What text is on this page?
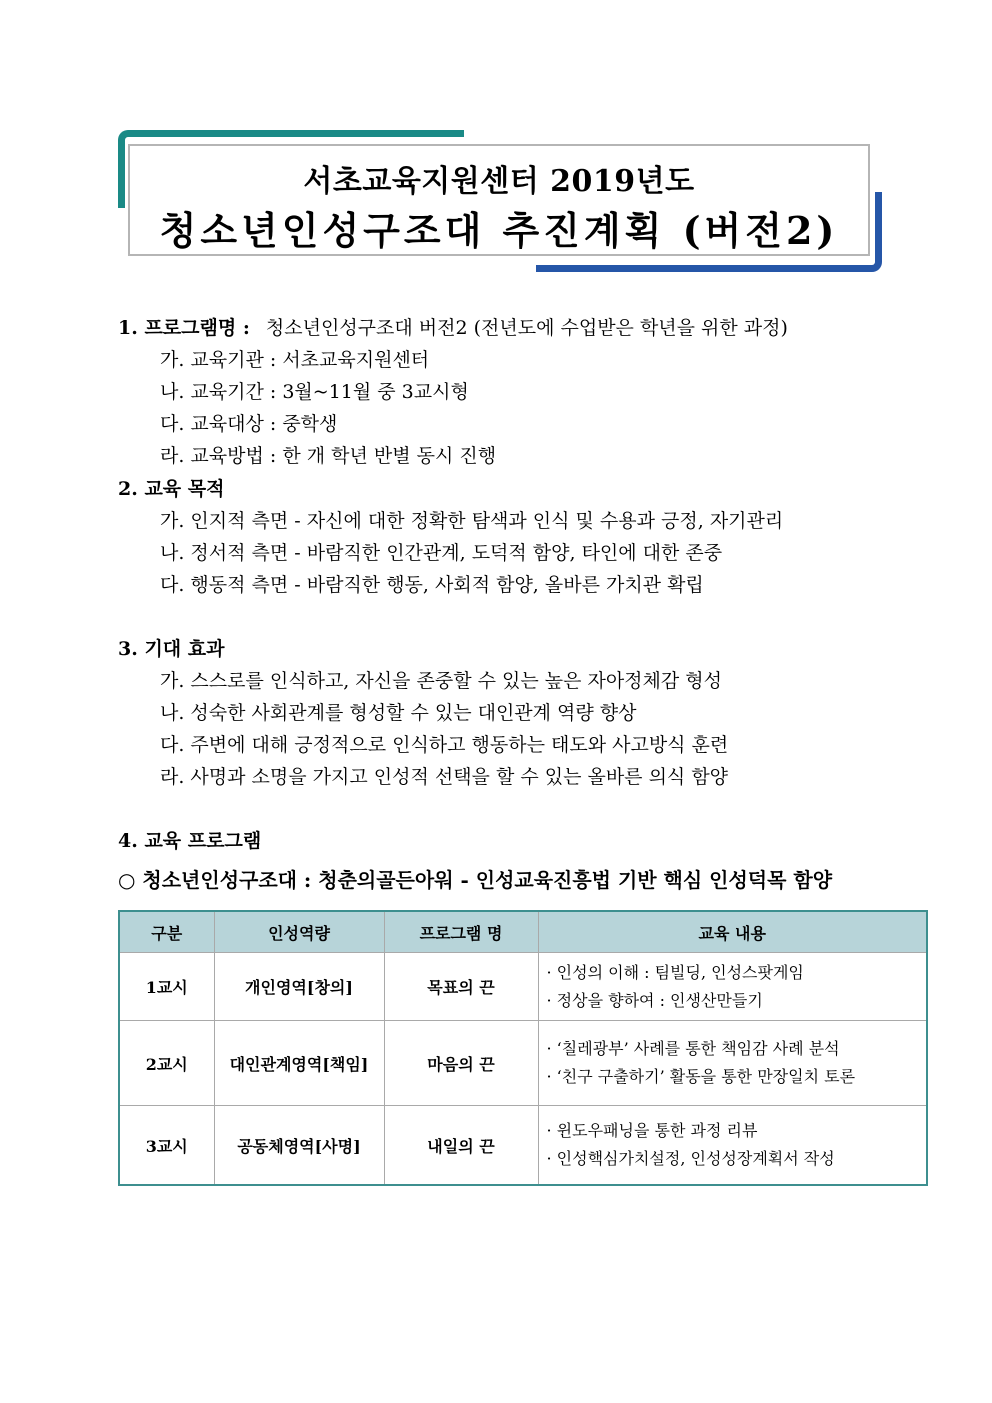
서초교육지원센터 2019년도
청소년인성구조대 추진계획 (버전2)
1. 프로그램명 : 청소년인성구조대 버전2 (전년도에 수업받은 학년을 위한 과정)
가. 교육기관 : 서초교육지원센터
나. 교육기간 : 3월~11월 중 3교시형
다. 교육대상 : 중학생
라. 교육방법 : 한 개 학년 반별 동시 진행
2. 교육 목적
가. 인지적 측면 - 자신에 대한 정확한 탐색과 인식 및 수용과 긍정, 자기관리
나. 정서적 측면 - 바람직한 인간관계, 도덕적 함양, 타인에 대한 존중
다. 행동적 측면 - 바람직한 행동, 사회적 함양, 올바른 가치관 확립
3. 기대 효과
가. 스스로를 인식하고, 자신을 존중할 수 있는 높은 자아정체감 형성
나. 성숙한 사회관계를 형성할 수 있는 대인관계 역량 향상
다. 주변에 대해 긍정적으로 인식하고 행동하는 태도와 사고방식 훈련
라. 사명과 소명을 가지고 인성적 선택을 할 수 있는 올바른 의식 함양
4. 교육 프로그램
○ 청소년인성구조대 : 청춘의골든아워 - 인성교육진흥법 기반 핵심 인성덕목 함양
구분	인성역량	프로그램 명	교육 내용
1교시	개인영역[창의]	목표의 끈	· 인성의 이해 : 팀빌딩, 인성스팟게임
· 정상을 향하여 : 인생산만들기

2교시	대인관계영역[책임]	마음의 끈	· ‘칠레광부’ 사례를 통한 책임감 사례 분석
· ‘친구 구출하기’ 활동을 통한 만장일치 토론

3교시	공동체영역[사명]	내일의 끈	· 윈도우패닝을 통한 과정 리뷰
· 인성핵심가치설정, 인성성장계획서 작성
